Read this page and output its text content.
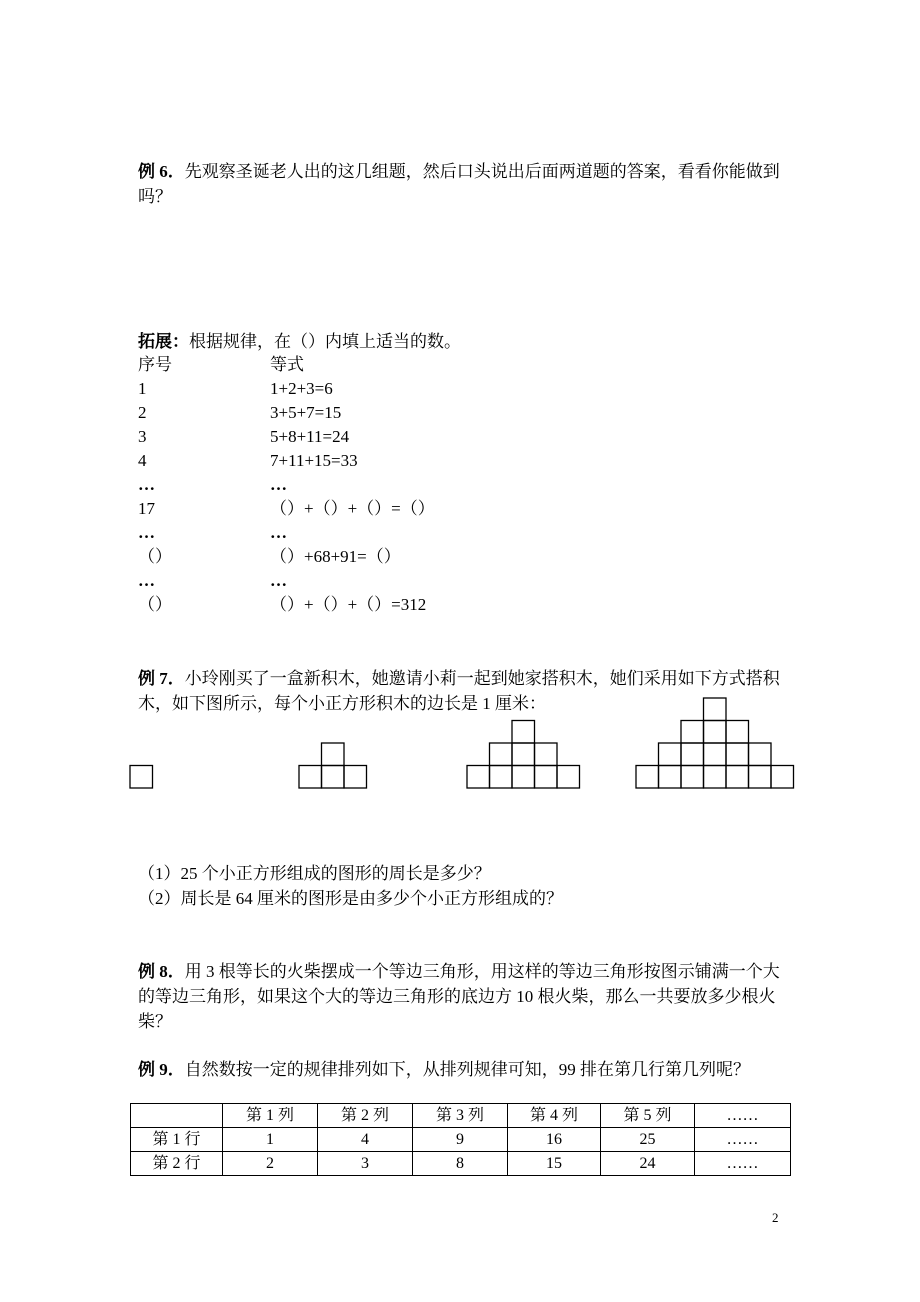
例 6．先观察圣诞老人出的这几组题，然后口头说出后面两道题的答案，看看你能做到吗？
拓展：根据规律，在（）内填上适当的数。
序号	等式
1	1+2+3=6
2	3+5+7=15
3	5+8+11=24
4	7+11+15=33
…	…
17	（）+（）+（）=（）
…	…
（）	（）+68+91=（）
…	…
（）	（）+（）+（）=312
例 7．小玲刚买了一盒新积木，她邀请小莉一起到她家搭积木，她们采用如下方式搭积木，如下图所示，每个小正方形积木的边长是 1 厘米：
（1）25 个小正方形组成的图形的周长是多少？
（2）周长是 64 厘米的图形是由多少个小正方形组成的？
例 8．用 3 根等长的火柴摆成一个等边三角形，用这样的等边三角形按图示铺满一个大的等边三角形，如果这个大的等边三角形的底边方 10 根火柴，那么一共要放多少根火柴？
例 9．自然数按一定的规律排列如下，从排列规律可知，99 排在第几行第几列呢？
	第 1 列	第 2 列	第 3 列	第 4 列	第 5 列	……
第 1 行	1	4	9	16	25	……
第 2 行	2	3	8	15	24	……
2
